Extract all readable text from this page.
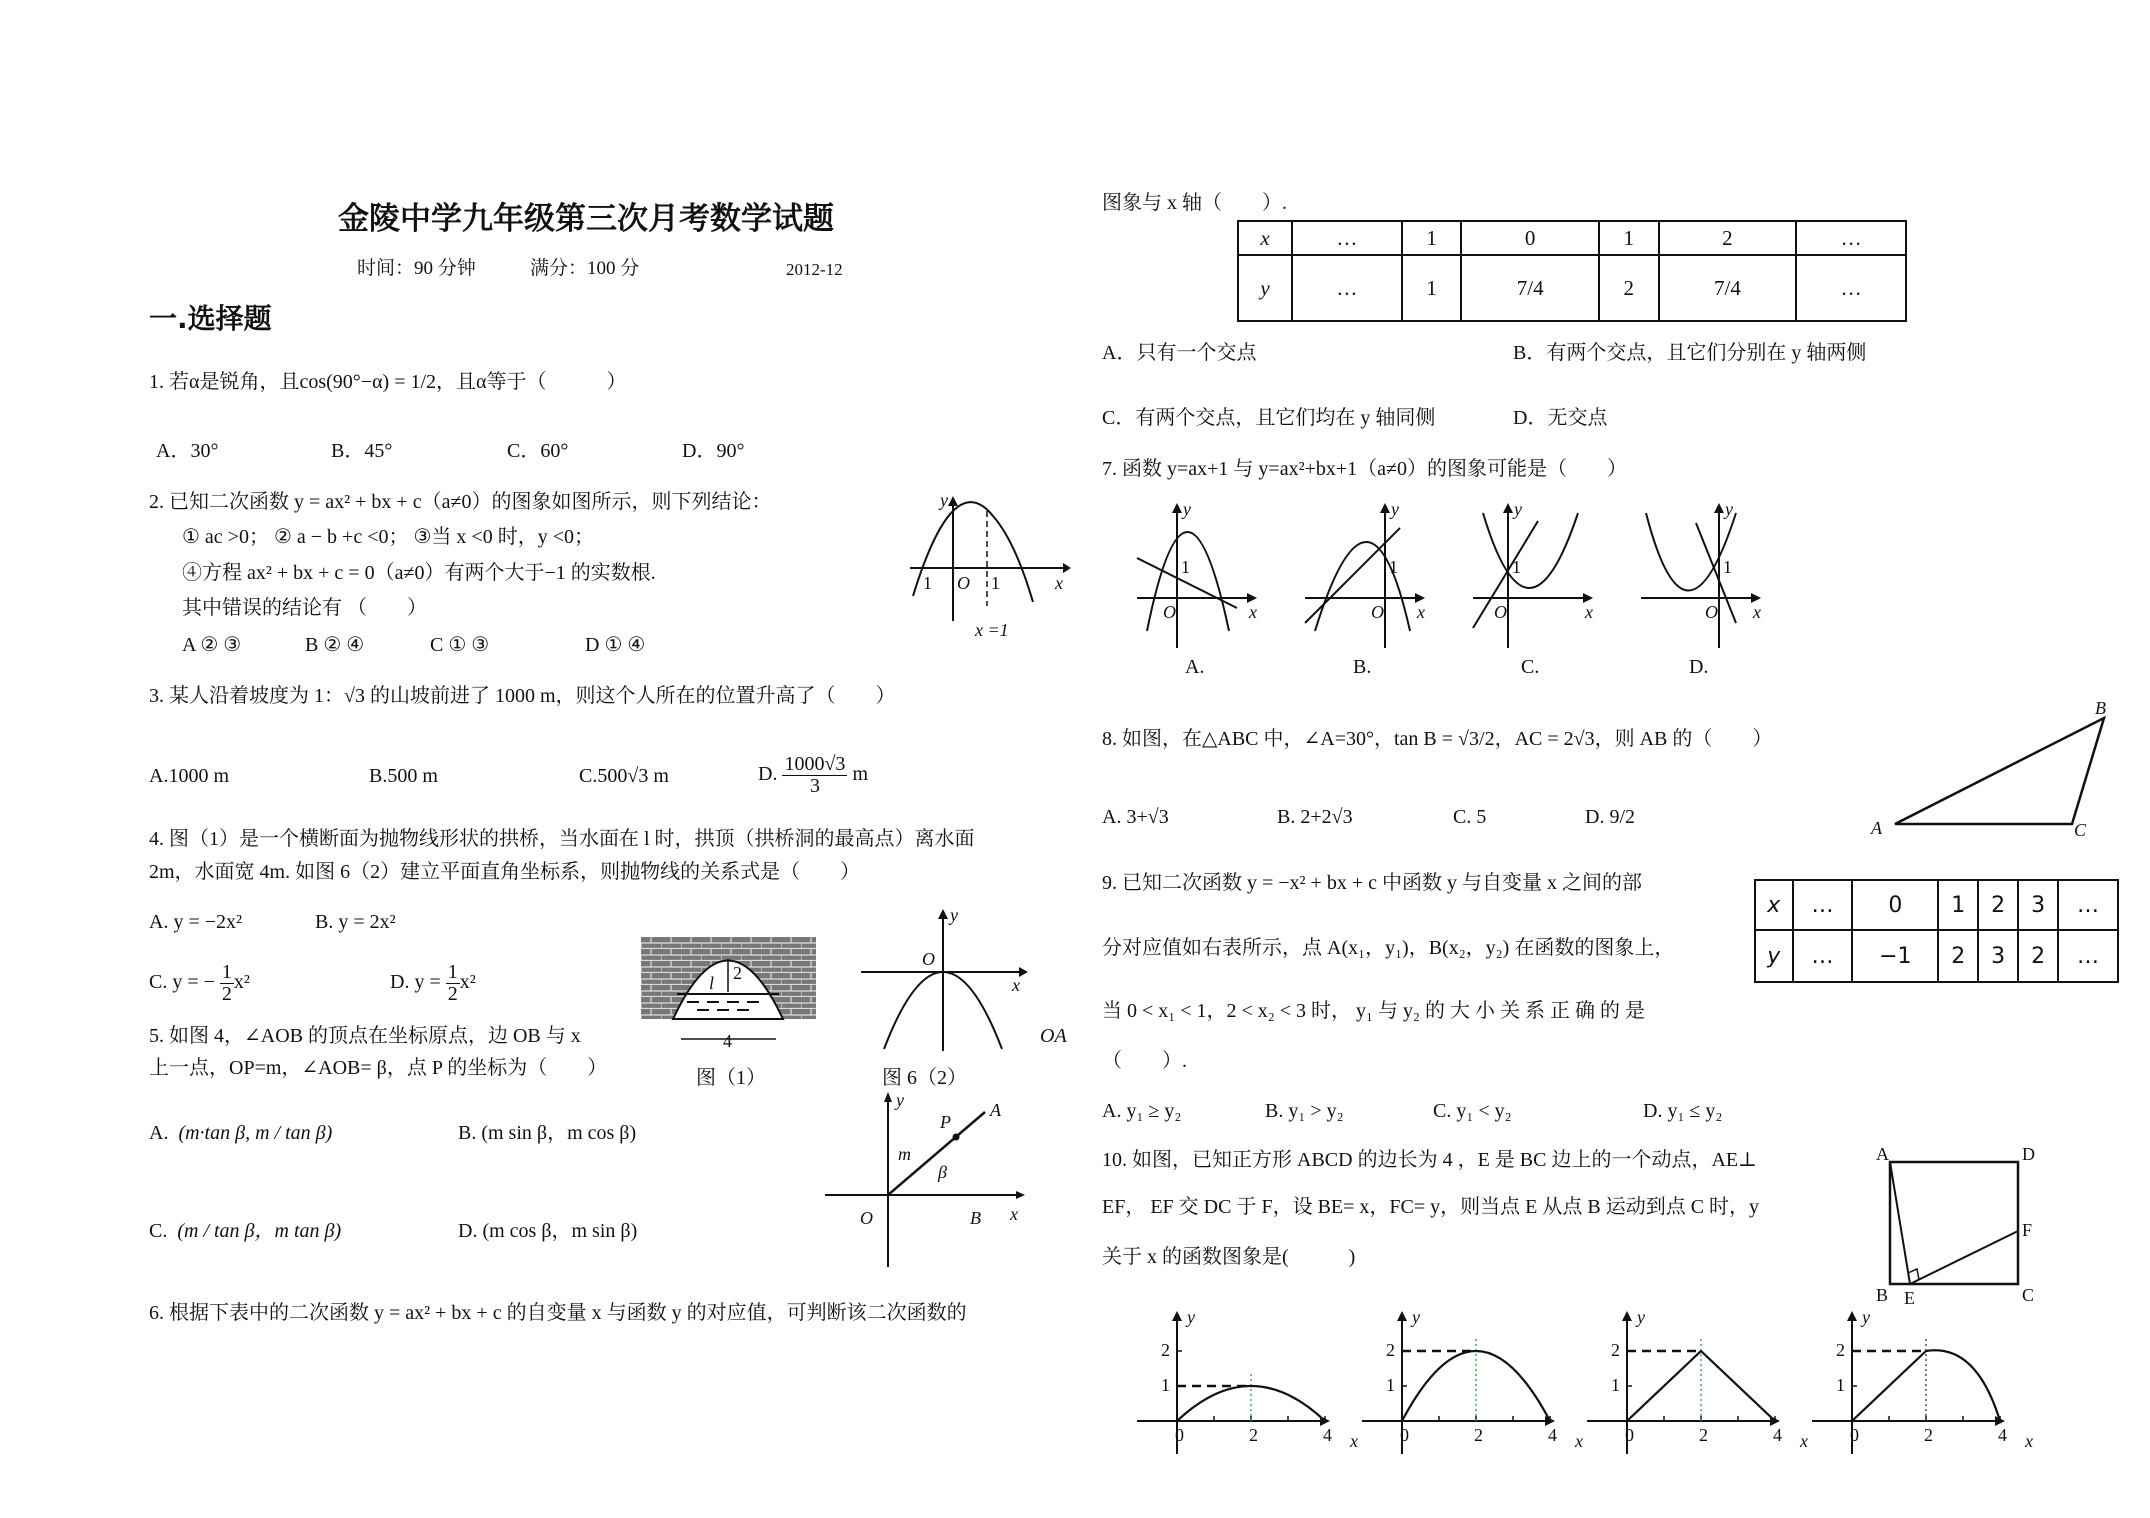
金陵中学九年级第三次月考数学试题
时间：90 分钟	满分：100 分	2012-12
一.选择题
1. 若α是锐角，且cos(90°−α) = 1/2，且α等于（　　　）
A．30°	B．45°	C．60°	D．90°
2. 已知二次函数 y = ax² + bx + c（a≠0）的图象如图所示，则下列结论：
① ac >0； ② a − b +c <0； ③当 x <0 时，y <0；
④方程 ax² + bx + c = 0（a≠0）有两个大于−1 的实数根.
其中错误的结论有 （　　）
A ② ③	B ② ④	C ① ③	D ① ④
y
x
O
1	1
x =1
3. 某人沿着坡度为 1：√3 的山坡前进了 1000 m，则这个人所在的位置升高了（　　）
A.1000 m	B.500 m	C.500√3 m	D. $\frac{1000√3}{3}$ m
4. 图（1）是一个横断面为抛物线形状的拱桥，当水面在 l 时，拱顶（拱桥洞的最高点）离水面
2m，水面宽 4m. 如图 6（2）建立平面直角坐标系，则抛物线的关系式是（　　）
A. y = −2x²	B. y = 2x²
C. y = − $\frac{1}{2} x^2$	D. $y = \frac{1}{2} x^2$	2
l
4
O
x
y
图（1）	图 6（2）
5. 如图 4，∠AOB 的顶点在坐标原点，边 OB 与 x
上一点，OP=m，∠AOB= β，点 P 的坐标为（　　）
OA
A. (m·tan β, m / tan β)	B. (m sin β，m cos β)
C. (m / tan β，m tan β)	D. (m cos β，m sin β)
y
x
O	B
A
P
m
β
6. 根据下表中的二次函数 y = ax² + bx + c 的自变量 x 与函数 y 的对应值，可判断该二次函数的
图象与 x 轴（　　）.
x	…	1	0	1	2	…
y	…	1	7/4	2	7/4	…
A．只有一个交点	B．有两个交点，且它们分别在 y 轴两侧
C．有两个交点，且它们均在 y 轴同侧	D．无交点
7. 函数 y=ax+1 与 y=ax²+bx+1（a≠0）的图象可能是（　　）
y
x
O
1
A.
y
x
O
1
B.
y
x
O
1
C.
y
x
O
1
D.
8. 如图，在△ABC 中，∠A=30°，tan B = √3/2，AC = 2√3，则 AB 的（　　）
A. 3+√3	B. 2+2√3	C. 5	D. 9/2	A	C
B
9. 已知二次函数 y = −x² + bx + c 中函数 y 与自变量 x 之间的部
分对应值如右表所示，点 A(x₁，y₁)，B(x₂，y₂) 在函数的图象上，
当 0 < x₁ < 1，2 < x₂ < 3 时， y₁ 与 y₂ 的 大 小 关 系 正 确 的 是
（　　）.
A. y₁ ≥ y₂	B. y₁ > y₂	C. y₁ < y₂	D. y₁ ≤ y₂
x	…	0	1	2	3	…
y	…	−1	2	3	2	…
10. 如图，已知正方形 ABCD 的边长为 4 ，E 是 BC 边上的一个动点，AE⊥
EF， EF 交 DC 于 F，设 BE= x，FC= y，则当点 E 从点 B 运动到点 C 时，y
关于 x 的函数图象是(　　　)
A	D
B	C
E
F
y
x
0	2	4
1
2
y
x
0	2	4
1
2
y
x
0	2	4
1
2
y
x
0	2	4
1
2
